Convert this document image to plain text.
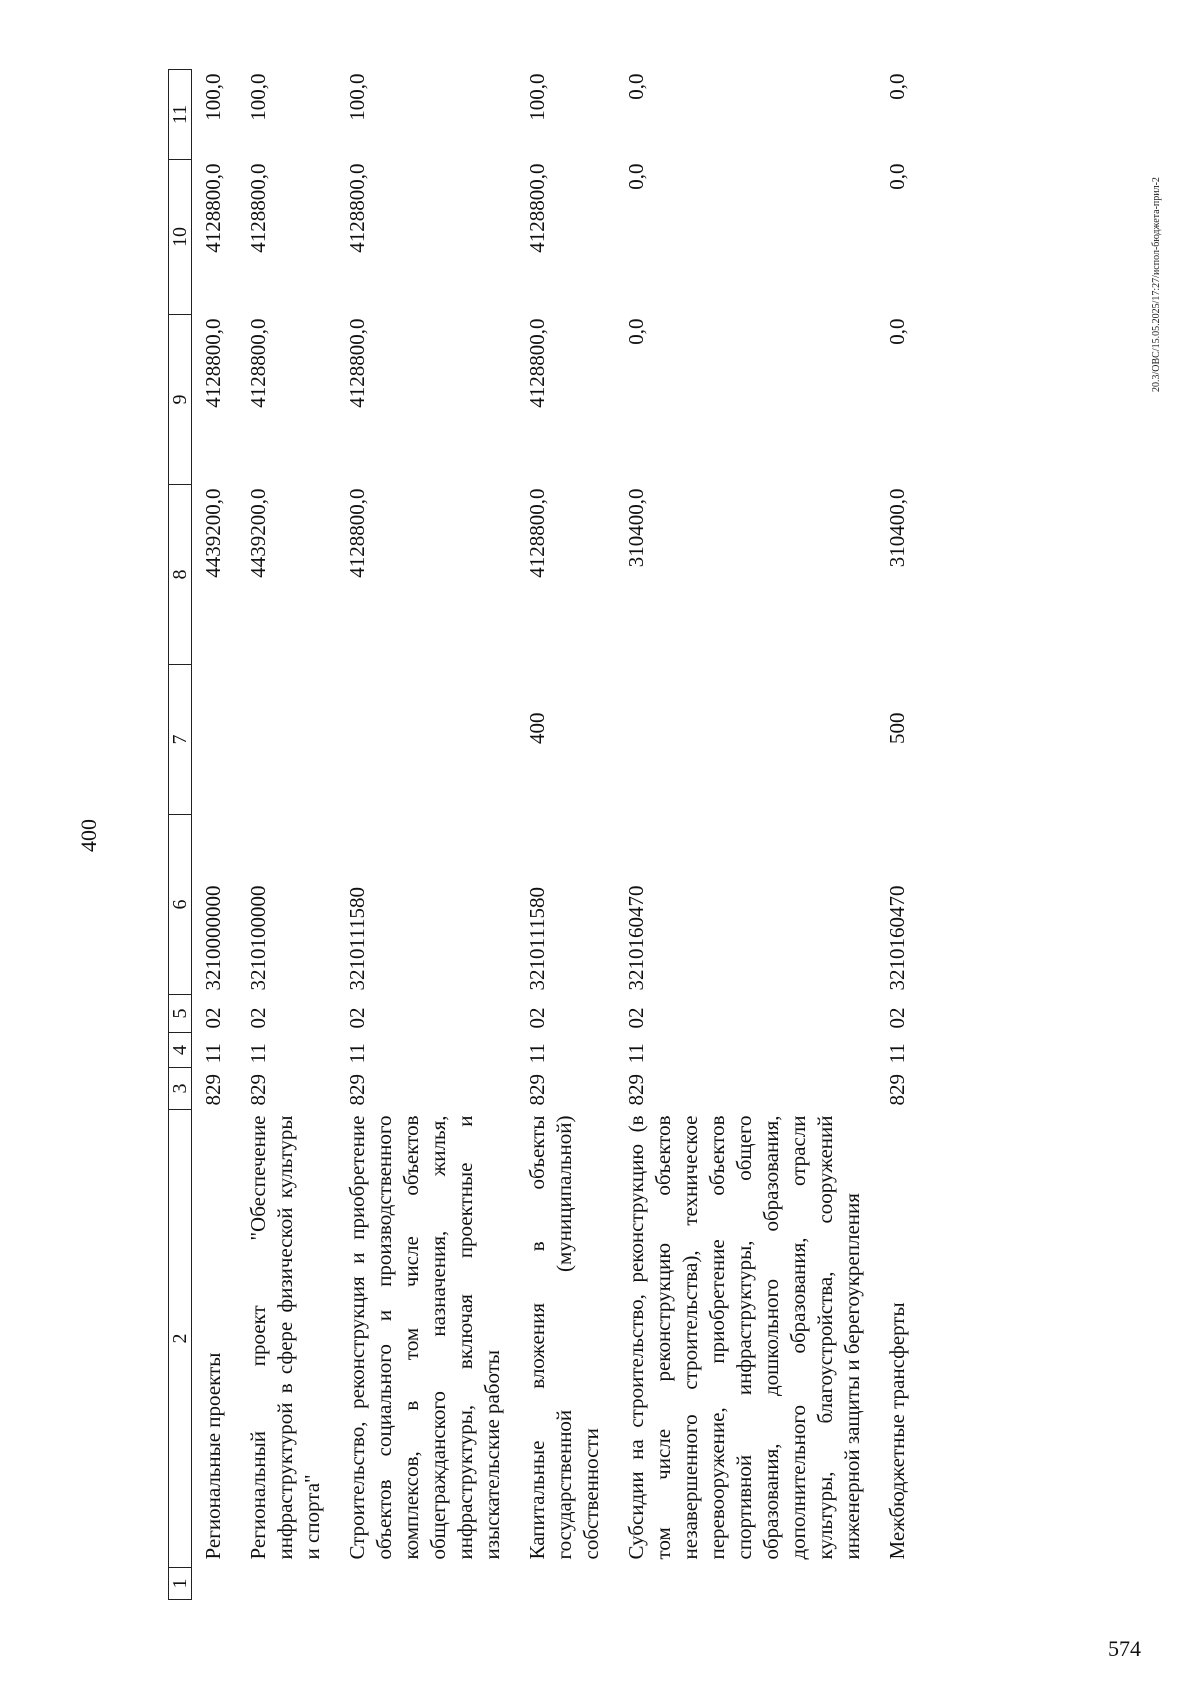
400
574
20.3/OBC/15.05.2025/17:27/испол-бюджета-прил-2
1	2	3	4	5	6	7	8	9	10	11
	Региональные проекты	829	11	02	3210000000		4439200,0	4128800,0	4128800,0	100,0
	Региональный проект "Обеспечение инфраструктурой в сфере физической культуры и спорта"	829	11	02	3210100000		4439200,0	4128800,0	4128800,0	100,0
	Строительство, реконструкция и приобретение объектов социального и производственного комплексов, в том числе объектов общегражданского назначения, жилья, инфраструктуры, включая проектные и изыскательские работы	829	11	02	3210111580		4128800,0	4128800,0	4128800,0	100,0
	Капитальные вложения в объекты государственной (муниципальной) собственности	829	11	02	3210111580	400	4128800,0	4128800,0	4128800,0	100,0
	Субсидии на строительство, реконструкцию (в том числе реконструкцию объектов незавершенного строительства), техническое перевооружение, приобретение объектов спортивной инфраструктуры, общего образования, дошкольного образования, дополнительного образования, отрасли культуры, благоустройства, сооружений инженерной защиты и берегоукрепления	829	11	02	3210160470		310400,0	0,0	0,0	0,0
	Межбюджетные трансферты	829	11	02	3210160470	500	310400,0	0,0	0,0	0,0
